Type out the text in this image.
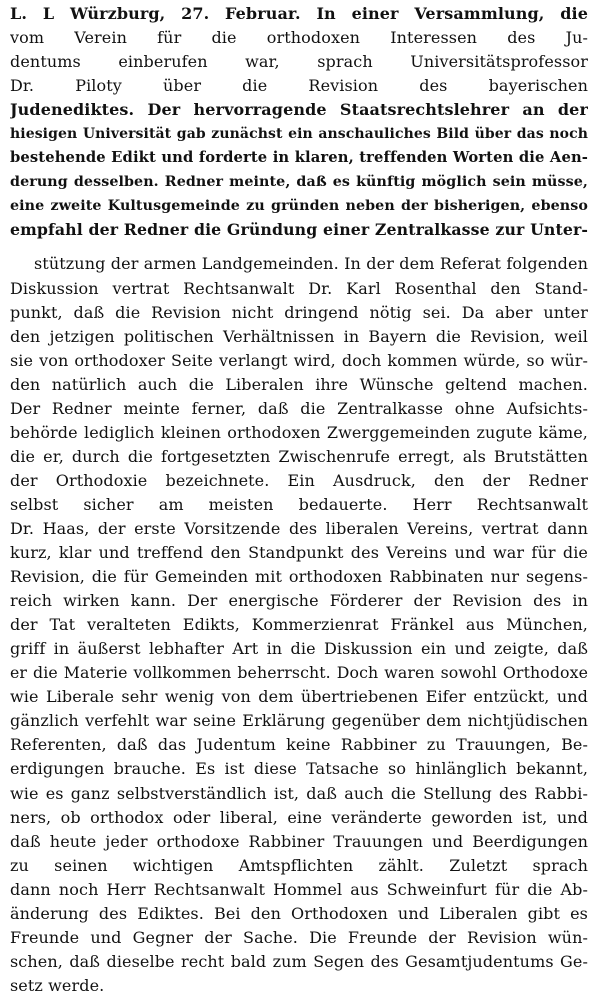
L. L Würzburg, 27. Februar. In einer Versammlung, die
vom Verein für die orthodoxen Interessen des Ju-
dentums einberufen war, sprach Universitätsprofessor
Dr. Piloty über die Revision des bayerischen
Judenediktes. Der hervorragende Staatsrechtslehrer an der
hiesigen Universität gab zunächst ein anschauliches Bild über das noch
bestehende Edikt und forderte in klaren, treffenden Worten die Aen-
derung desselben. Redner meinte, daß es künftig möglich sein müsse,
eine zweite Kultusgemeinde zu gründen neben der bisherigen, ebenso
empfahl der Redner die Gründung einer Zentralkasse zur Unter-
stützung der armen Landgemeinden. In der dem Referat folgenden
Diskussion vertrat Rechtsanwalt Dr. Karl Rosenthal den Stand-
punkt, daß die Revision nicht dringend nötig sei. Da aber unter
den jetzigen politischen Verhältnissen in Bayern die Revision, weil
sie von orthodoxer Seite verlangt wird, doch kommen würde, so wür-
den natürlich auch die Liberalen ihre Wünsche geltend machen.
Der Redner meinte ferner, daß die Zentralkasse ohne Aufsichts-
behörde lediglich kleinen orthodoxen Zwerggemeinden zugute käme,
die er, durch die fortgesetzten Zwischenrufe erregt, als Brutstätten
der Orthodoxie bezeichnete. Ein Ausdruck, den der Redner
selbst sicher am meisten bedauerte. Herr Rechtsanwalt
Dr. Haas, der erste Vorsitzende des liberalen Vereins, vertrat dann
kurz, klar und treffend den Standpunkt des Vereins und war für die
Revision, die für Gemeinden mit orthodoxen Rabbinaten nur segens-
reich wirken kann. Der energische Förderer der Revision des in
der Tat veralteten Edikts, Kommerzienrat Fränkel aus München,
griff in äußerst lebhafter Art in die Diskussion ein und zeigte, daß
er die Materie vollkommen beherrscht. Doch waren sowohl Orthodoxe
wie Liberale sehr wenig von dem übertriebenen Eifer entzückt, und
gänzlich verfehlt war seine Erklärung gegenüber dem nichtjüdischen
Referenten, daß das Judentum keine Rabbiner zu Trauungen, Be-
erdigungen brauche. Es ist diese Tatsache so hinlänglich bekannt,
wie es ganz selbstverständlich ist, daß auch die Stellung des Rabbi-
ners, ob orthodox oder liberal, eine veränderte geworden ist, und
daß heute jeder orthodoxe Rabbiner Trauungen und Beerdigungen
zu seinen wichtigen Amtspflichten zählt. Zuletzt sprach
dann noch Herr Rechtsanwalt Hommel aus Schweinfurt für die Ab-
änderung des Ediktes. Bei den Orthodoxen und Liberalen gibt es
Freunde und Gegner der Sache. Die Freunde der Revision wün-
schen, daß dieselbe recht bald zum Segen des Gesamtjudentums Ge-
setz werde.
